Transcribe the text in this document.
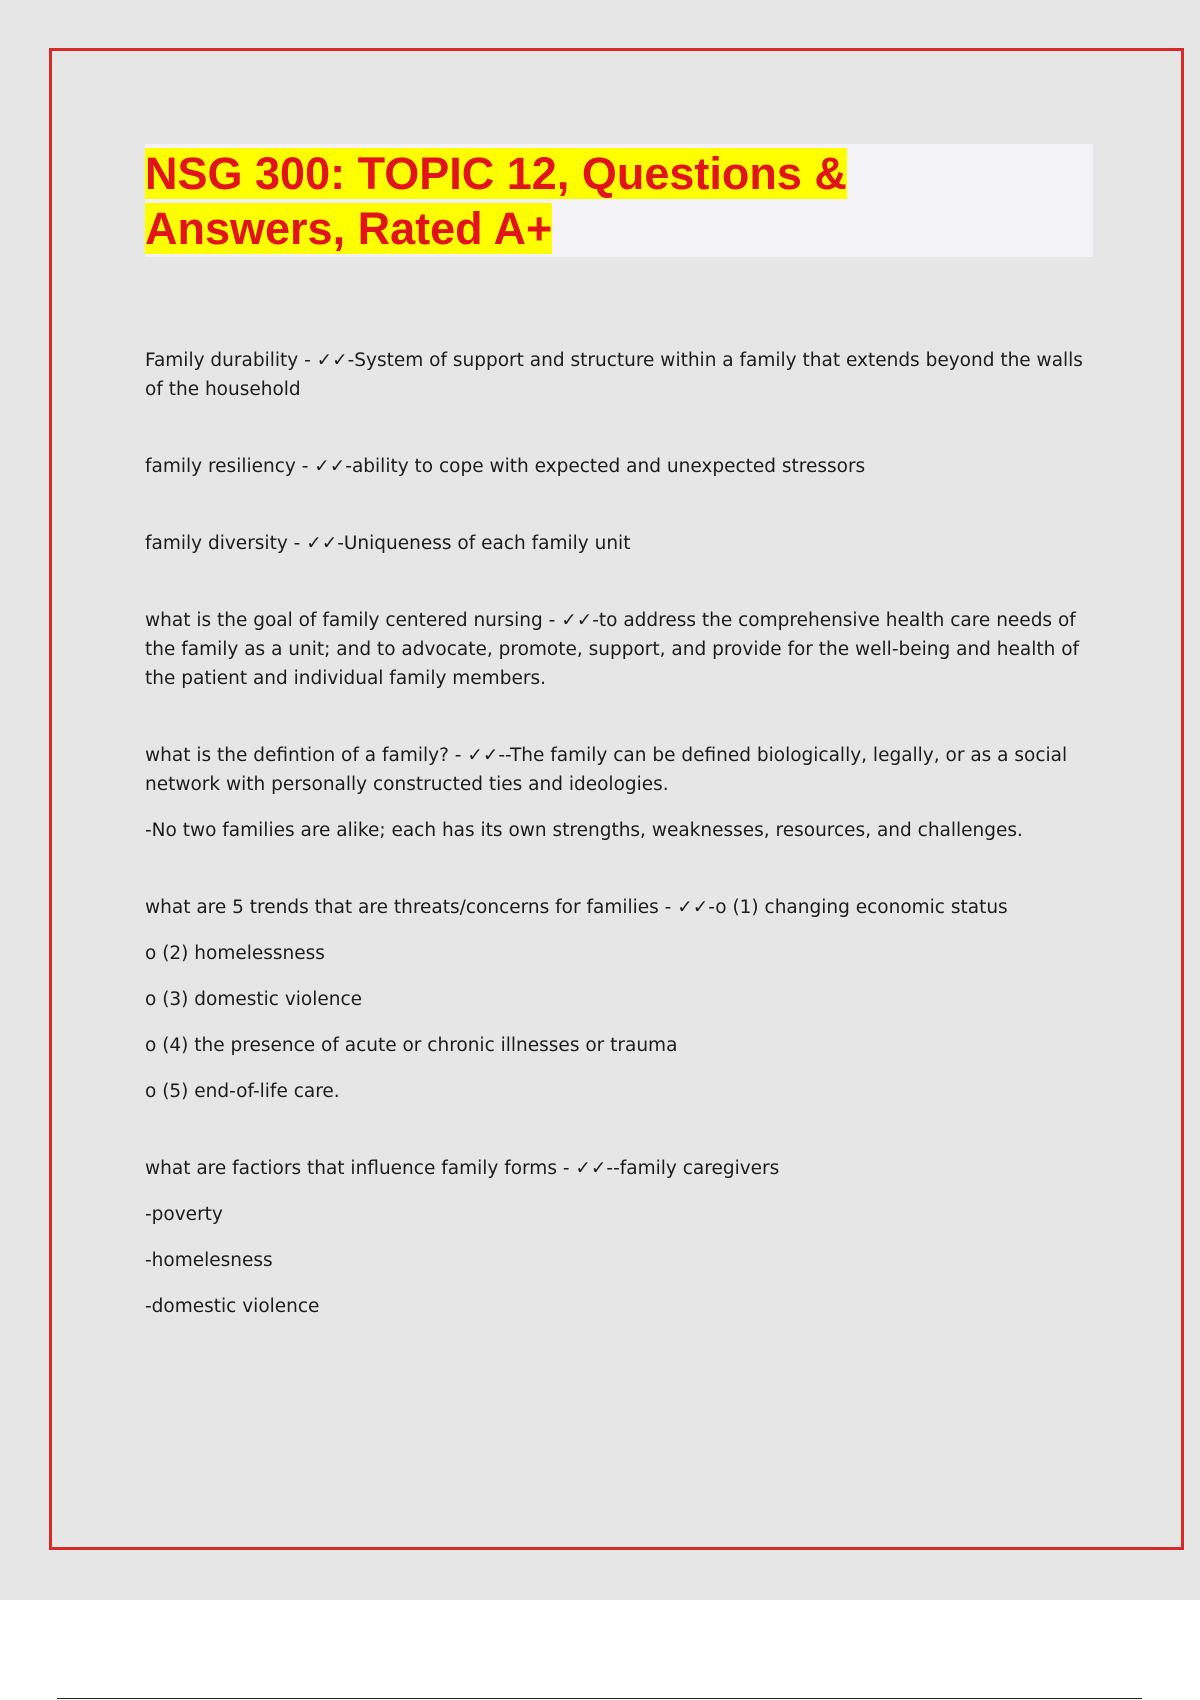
NSG 300: TOPIC 12, Questions & Answers, Rated A+

Family durability - ✓✓-System of support and structure within a family that extends beyond the walls of the household

family resiliency - ✓✓-ability to cope with expected and unexpected stressors

family diversity - ✓✓-Uniqueness of each family unit

what is the goal of family centered nursing - ✓✓-to address the comprehensive health care needs of the family as a unit; and to advocate, promote, support, and provide for the well-being and health of the patient and individual family members.

what is the defintion of a family? - ✓✓--The family can be defined biologically, legally, or as a social network with personally constructed ties and ideologies.

-No two families are alike; each has its own strengths, weaknesses, resources, and challenges.

what are 5 trends that are threats/concerns for families - ✓✓-o (1) changing economic status

o (2) homelessness

o (3) domestic violence

o (4) the presence of acute or chronic illnesses or trauma

o (5) end-of-life care.

what are factiors that influence family forms - ✓✓--family caregivers

-poverty

-homelesness

-domestic violence
